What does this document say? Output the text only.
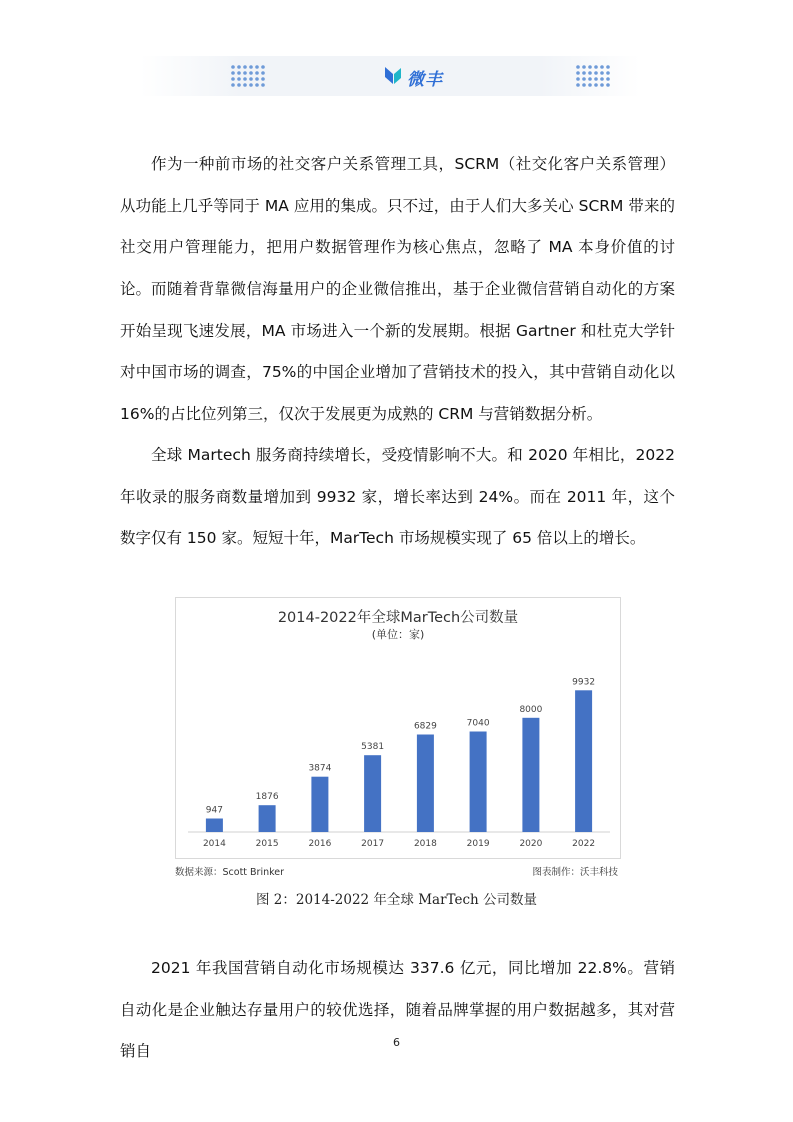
微丰
作为一种前市场的社交客户关系管理工具，SCRM（社交化客户关系管理）从功能上几乎等同于 MA 应用的集成。只不过，由于人们大多关心 SCRM 带来的社交用户管理能力，把用户数据管理作为核心焦点，忽略了 MA 本身价值的讨论。 而随着背靠微信海量用户的企业微信推出，基于企业微信营销自动化的方案开始呈现飞速发展，MA 市场进入一个新的发展期。根据 Gartner 和杜克大学针对中国市场的调查，75%的中国企业增加了营销技术的投入，其中营销自动化以 16%的占比位列第三，仅次于发展更为成熟的 CRM 与营销数据分析。
全球 Martech 服务商持续增长，受疫情影响不大。和 2020 年相比，2022 年收录的服务商数量增加到 9932 家，增长率达到 24%。而在 2011 年，这个数字仅有 150 家。短短十年，MarTech 市场规模实现了 65 倍以上的增长。
2014-2022年全球MarTech公司数量
(单位：家)
947
2014
1876
2015
3874
2016
5381
2017
6829
2018
7040
2019
8000
2020
9932
2022
数据来源：Scott Brinker	图表制作：沃丰科技
图 2：2014-2022 年全球 MarTech 公司数量
2021 年我国营销自动化市场规模达 337.6 亿元，同比增加 22.8%。营销自动化是企业触达存量用户的较优选择，随着品牌掌握的用户数据越多，其对营销自	6
